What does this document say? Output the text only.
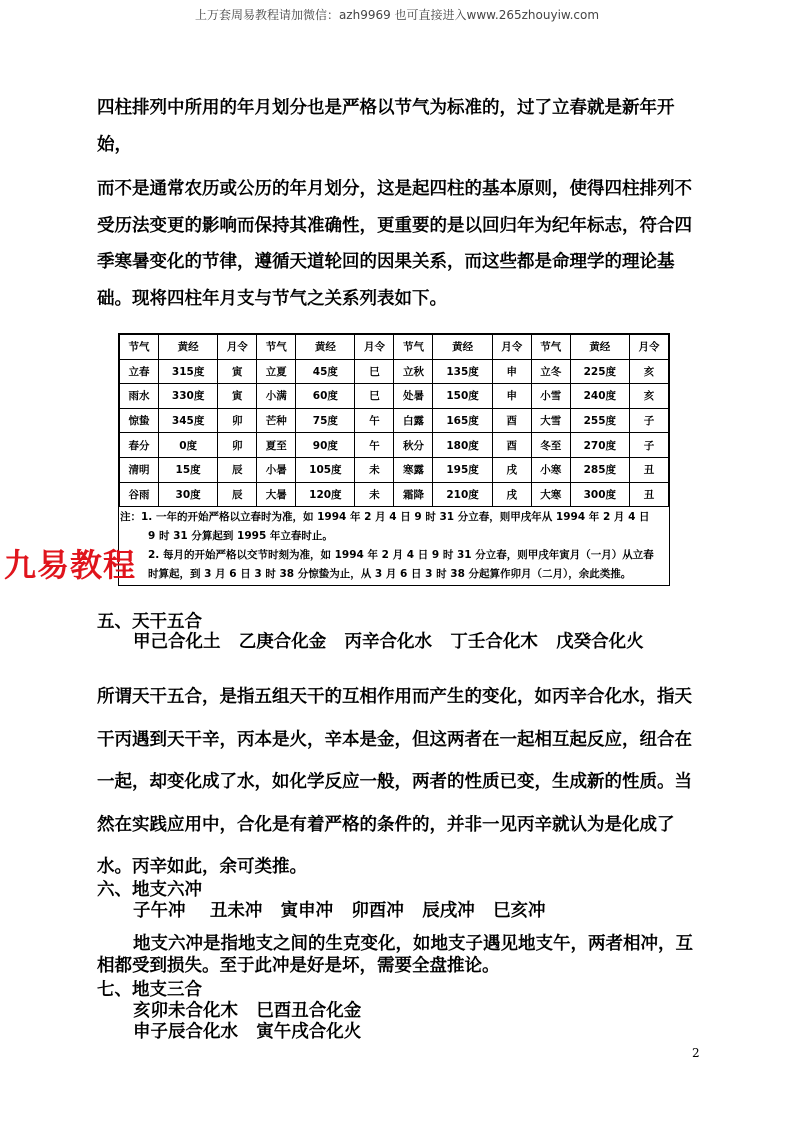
上万套周易教程请加微信：azh9969 也可直接进入www.265zhouyiw.com
四柱排列中所用的年月划分也是严格以节气为标准的，过了立春就是新年开始，
而不是通常农历或公历的年月划分，这是起四柱的基本原则，使得四柱排列不受历法变更的影响而保持其准确性，更重要的是以回归年为纪年标志，符合四季寒暑变化的节律，遵循天道轮回的因果关系，而这些都是命理学的理论基础。现将四柱年月支与节气之关系列表如下。
节气	黄经	月令	节气	黄经	月令	节气	黄经	月令	节气	黄经	月令
立春	315度	寅	立夏	45度	巳	立秋	135度	申	立冬	225度	亥
雨水	330度	寅	小满	60度	巳	处暑	150度	申	小雪	240度	亥
惊蛰	345度	卯	芒种	75度	午	白露	165度	酉	大雪	255度	子
春分	0度	卯	夏至	90度	午	秋分	180度	酉	冬至	270度	子
清明	15度	辰	小暑	105度	未	寒露	195度	戌	小寒	285度	丑
谷雨	30度	辰	大暑	120度	未	霜降	210度	戌	大寒	300度	丑
注：1. 一年的开始严格以立春时为准，如 1994 年 2 月 4 日 9 时 31 分立春，则甲戌年从 1994 年 2 月 4 日
9 时 31 分算起到 1995 年立春时止。
2. 每月的开始严格以交节时刻为准，如 1994 年 2 月 4 日 9 时 31 分立春，则甲戌年寅月（一月）从立春
时算起，到 3 月 6 日 3 时 38 分惊蛰为止，从 3 月 6 日 3 时 38 分起算作卯月（二月），余此类推。
九易教程
五、天干五合
甲己合化土   乙庚合化金   丙辛合化水   丁壬合化木   戊癸合化火
所谓天干五合，是指五组天干的互相作用而产生的变化，如丙辛合化水，指天干丙遇到天干辛，丙本是火，辛本是金，但这两者在一起相互起反应，纽合在一起，却变化成了水，如化学反应一般，两者的性质已变，生成新的性质。当然在实践应用中，合化是有着严格的条件的，并非一见丙辛就认为是化成了水。丙辛如此，余可类推。
六、地支六冲
子午冲    丑未冲   寅申冲   卯酉冲   辰戌冲   巳亥冲
地支六冲是指地支之间的生克变化，如地支子遇见地支午，两者相冲，互相都受到损失。至于此冲是好是坏，需要全盘推论。
七、地支三合
亥卯未合化木   巳酉丑合化金
申子辰合化水   寅午戌合化火
2
